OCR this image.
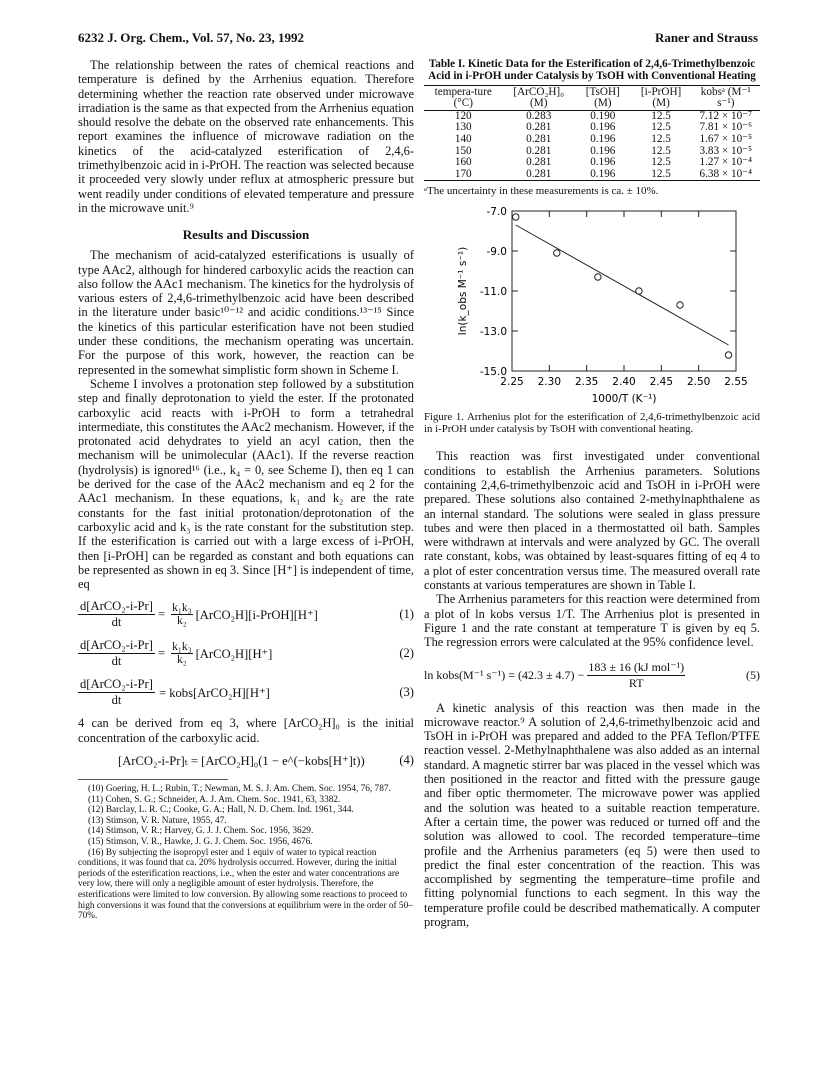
6232 J. Org. Chem., Vol. 57, No. 23, 1992	Raner and Strauss

The relationship between the rates of chemical reactions and temperature is defined by the Arrhenius equation. Therefore determining whether the reaction rate observed under microwave irradiation is the same as that expected from the Arrhenius equation should resolve the debate on the observed rate enhancements. This report examines the influence of microwave radiation on the kinetics of the acid-catalyzed esterification of 2,4,6-trimethylbenzoic acid in i-PrOH. The reaction was selected because it proceeded very slowly under reflux at atmospheric pressure but went readily under conditions of elevated temperature and pressure in the microwave unit.⁹

Results and Discussion

The mechanism of acid-catalyzed esterifications is usually of type AAc2, although for hindered carboxylic acids the reaction can also follow the AAc1 mechanism. The kinetics for the hydrolysis of various esters of 2,4,6-trimethylbenzoic acid have been described in the literature under basic¹⁰⁻¹² and acidic conditions.¹³⁻¹⁵ Since the kinetics of this particular esterification have not been studied under these conditions, the mechanism operating was uncertain. For the purpose of this work, however, the reaction can be represented in the somewhat simplistic form shown in Scheme I.

Scheme I involves a protonation step followed by a substitution step and finally deprotonation to yield the ester. If the protonated carboxylic acid reacts with i-PrOH to form a tetrahedral intermediate, this constitutes the AAc2 mechanism. However, if the protonated acid dehydrates to yield an acyl cation, then the mechanism will be unimolecular (AAc1). If the reverse reaction (hydrolysis) is ignored¹⁶ (i.e., k₄ = 0, see Scheme I), then eq 1 can be derived for the case of the AAc2 mechanism and eq 2 for the AAc1 mechanism. In these equations, k₁ and k₂ are the rate constants for the fast initial protonation/deprotonation of the carboxylic acid and k₃ is the rate constant for the substitution step. If the esterification is carried out with a large excess of i-PrOH, then [i-PrOH] can be regarded as constant and both equations can be represented as shown in eq 3. Since [H⁺] is independent of time, eq

d[ArCO₂-i-Pr]
dt
= $\frac{\text{k₁k₃}}{\text{k₂}}$ [ArCO₂H][i-PrOH][H⁺]	(1)
d[ArCO₂-i-Pr]
dt
= $\frac{\text{k₁k₃}}{\text{k₂}}$ [ArCO₂H][H⁺]	(2)
d[ArCO₂-i-Pr]
dt
= kobs[ArCO₂H][H⁺]	(3)

4 can be derived from eq 3, where [ArCO₂H]₀ is the initial concentration of the carboxylic acid.

[ArCO₂-i-Pr]ₜ = [ArCO₂H]₀(1 − e^(−kobs[H⁺]t))	(4)
(10) Goering, H. L.; Rubin, T.; Newman, M. S. J. Am. Chem. Soc. 1954, 76, 787.
(11) Cohen, S. G.; Schneider, A. J. Am. Chem. Soc. 1941, 63, 3382.
(12) Barclay, L. R. C.; Cooke, G. A.; Hall, N. D. Chem. Ind. 1961, 344.
(13) Stimson, V. R. Nature, 1955, 47.
(14) Stimson, V. R.; Harvey, G. J. J. Chem. Soc. 1956, 3629.
(15) Stimson, V. R., Hawke, J. G. J. Chem. Soc. 1956, 4676.
(16) By subjecting the isopropyl ester and 1 equiv of water to typical reaction conditions, it was found that ca. 20% hydrolysis occurred. However, during the initial periods of the esterification reactions, i.e., when the ester and water concentrations are very low, there will only a negligible amount of ester hydrolysis. Therefore, the esterifications were limited to low conversion. By allowing some reactions to proceed to high conversions it was found that the conversions at equilibrium were in the order of 50–70%.
Table I. Kinetic Data for the Esterification of 2,4,6-Trimethylbenzoic Acid in i-PrOH under Catalysis by TsOH with Conventional Heating
tempera-ture (°C)	[ArCO₂H]₀ (M)	[TsOH] (M)	[i-PrOH] (M)	kobsᵃ (M⁻¹ s⁻¹)
120	0.283	0.190	12.5	7.12 × 10⁻⁷
130	0.281	0.196	12.5	7.81 × 10⁻⁶
140	0.281	0.196	12.5	1.67 × 10⁻⁵
150	0.281	0.196	12.5	3.83 × 10⁻⁵
160	0.281	0.196	12.5	1.27 × 10⁻⁴
170	0.281	0.196	12.5	6.38 × 10⁻⁴
ᵃThe uncertainty in these measurements is ca. ± 10%.
2.25 2.30 2.35 2.40 2.45 2.50 2.55
-7.0
-9.0
-11.0
-13.0
-15.0
1000/T (K⁻¹)
ln(k_obs M⁻¹ s⁻¹)
Figure 1. Arrhenius plot for the esterification of 2,4,6-trimethylbenzoic acid in i-PrOH under catalysis by TsOH with conventional heating.

This reaction was first investigated under conventional conditions to establish the Arrhenius parameters. Solutions containing 2,4,6-trimethylbenzoic acid and TsOH in i-PrOH were prepared. These solutions also contained 2-methylnaphthalene as an internal standard. The solutions were sealed in glass pressure tubes and were then placed in a thermostatted oil bath. Samples were withdrawn at intervals and were analyzed by GC. The overall rate constant, kobs, was obtained by least-squares fitting of eq 4 to a plot of ester concentration versus time. The measured overall rate constants at various temperatures are shown in Table I.

The Arrhenius parameters for this reaction were determined from a plot of ln kobs versus 1/T. The Arrhenius plot is presented in Figure 1 and the rate constant at temperature T is given by eq 5. The regression errors were calculated at the 95% confidence level.

ln kobs(M⁻¹ s⁻¹) = (42.3 ± 4.7) −
183 ± 16 (kJ mol⁻¹)
RT
(5)

A kinetic analysis of this reaction was then made in the microwave reactor.⁹ A solution of 2,4,6-trimethylbenzoic acid and TsOH in i-PrOH was prepared and added to the PFA Teflon/PTFE reaction vessel. 2-Methylnaphthalene was also added as an internal standard. A magnetic stirrer bar was placed in the vessel which was then positioned in the reactor and fitted with the pressure gauge and fiber optic thermometer. The microwave power was applied and the solution was heated to a suitable reaction temperature. After a certain time, the power was reduced or turned off and the solution was allowed to cool. The recorded temperature–time profile and the Arrhenius parameters (eq 5) were then used to predict the final ester concentration of the reaction. This was accomplished by segmenting the temperature–time profile and fitting polynomial functions to each segment. In this way the temperature profile could be described mathematically. A computer program,
